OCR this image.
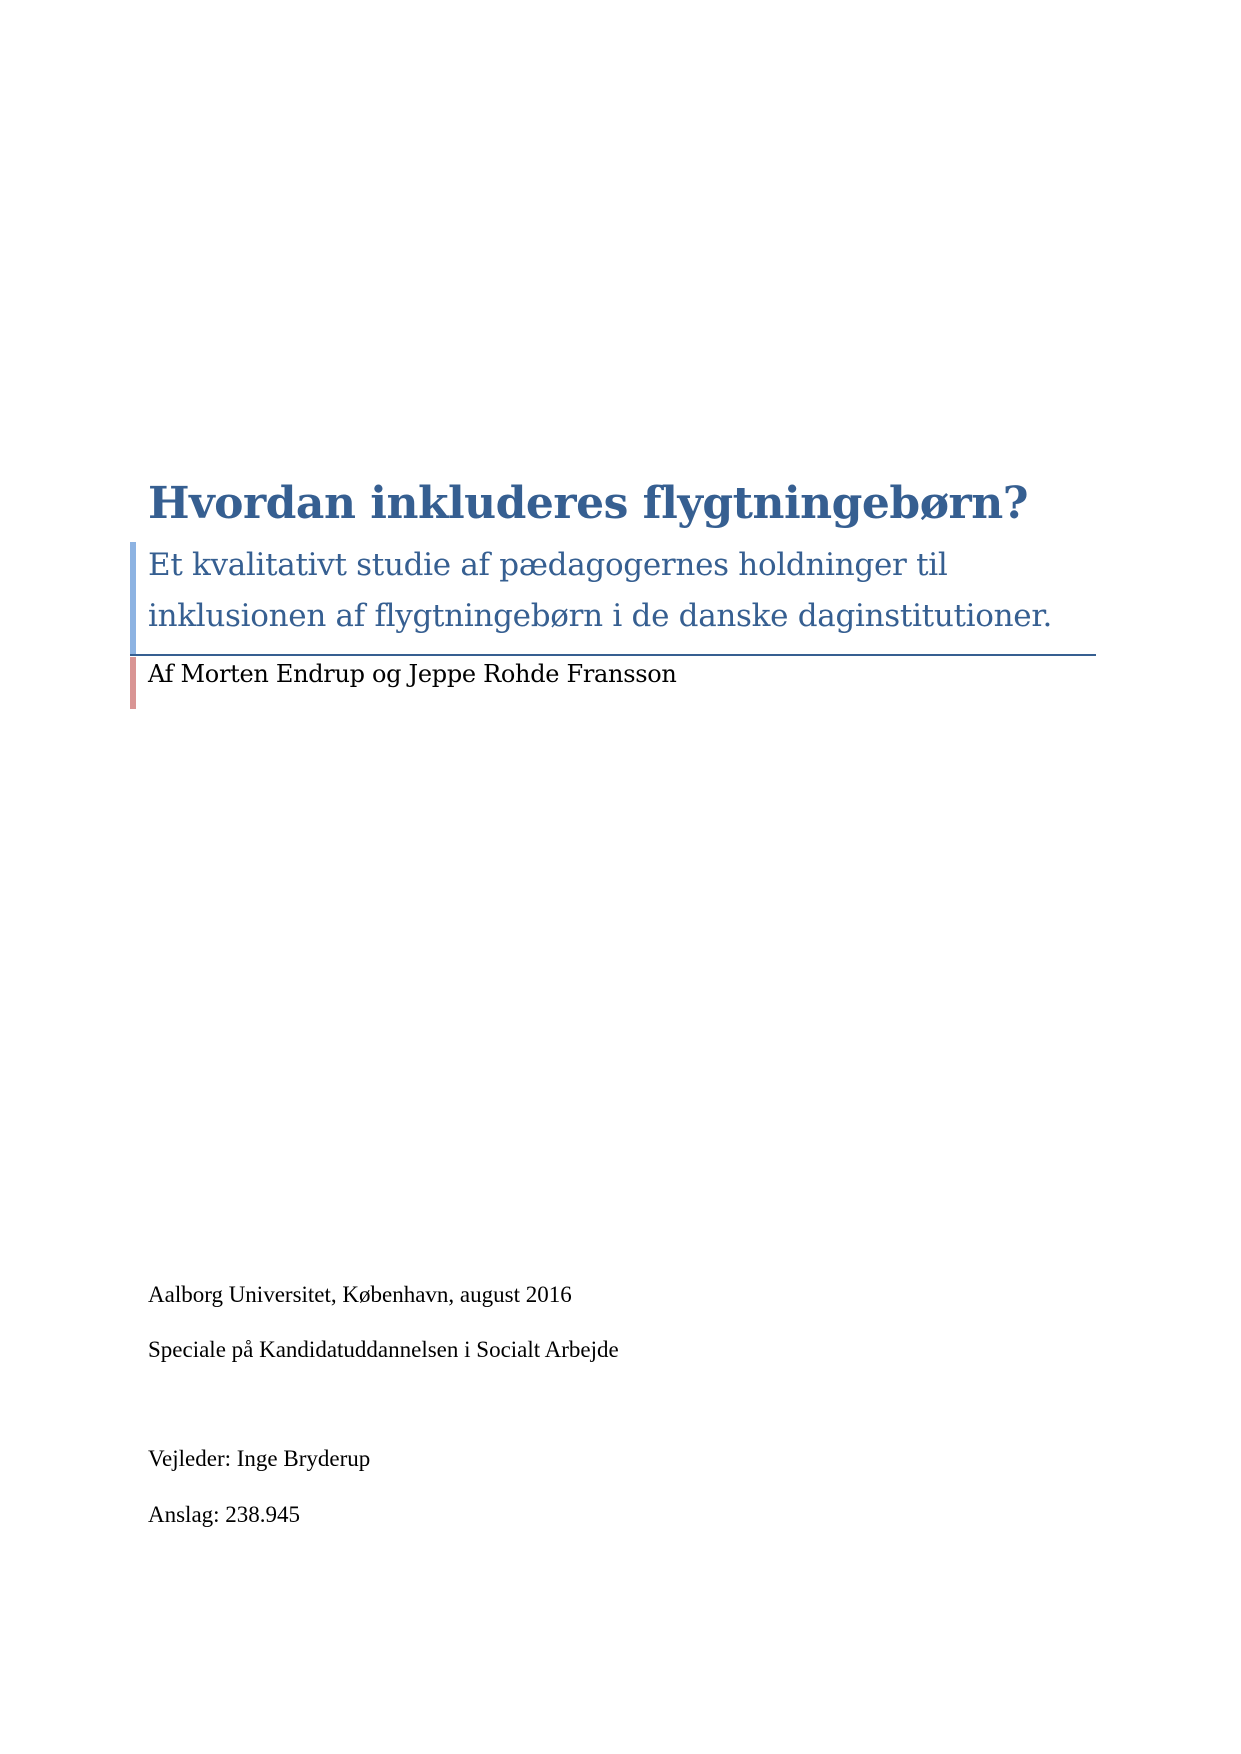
Hvordan inkluderes flygtningebørn?
Et kvalitativt studie af pædagogernes holdninger til
inklusionen af flygtningebørn i de danske daginstitutioner.
Af Morten Endrup og Jeppe Rohde Fransson
Aalborg Universitet, København, august 2016
Speciale på Kandidatuddannelsen i Socialt Arbejde
Vejleder: Inge Bryderup
Anslag: 238.945
